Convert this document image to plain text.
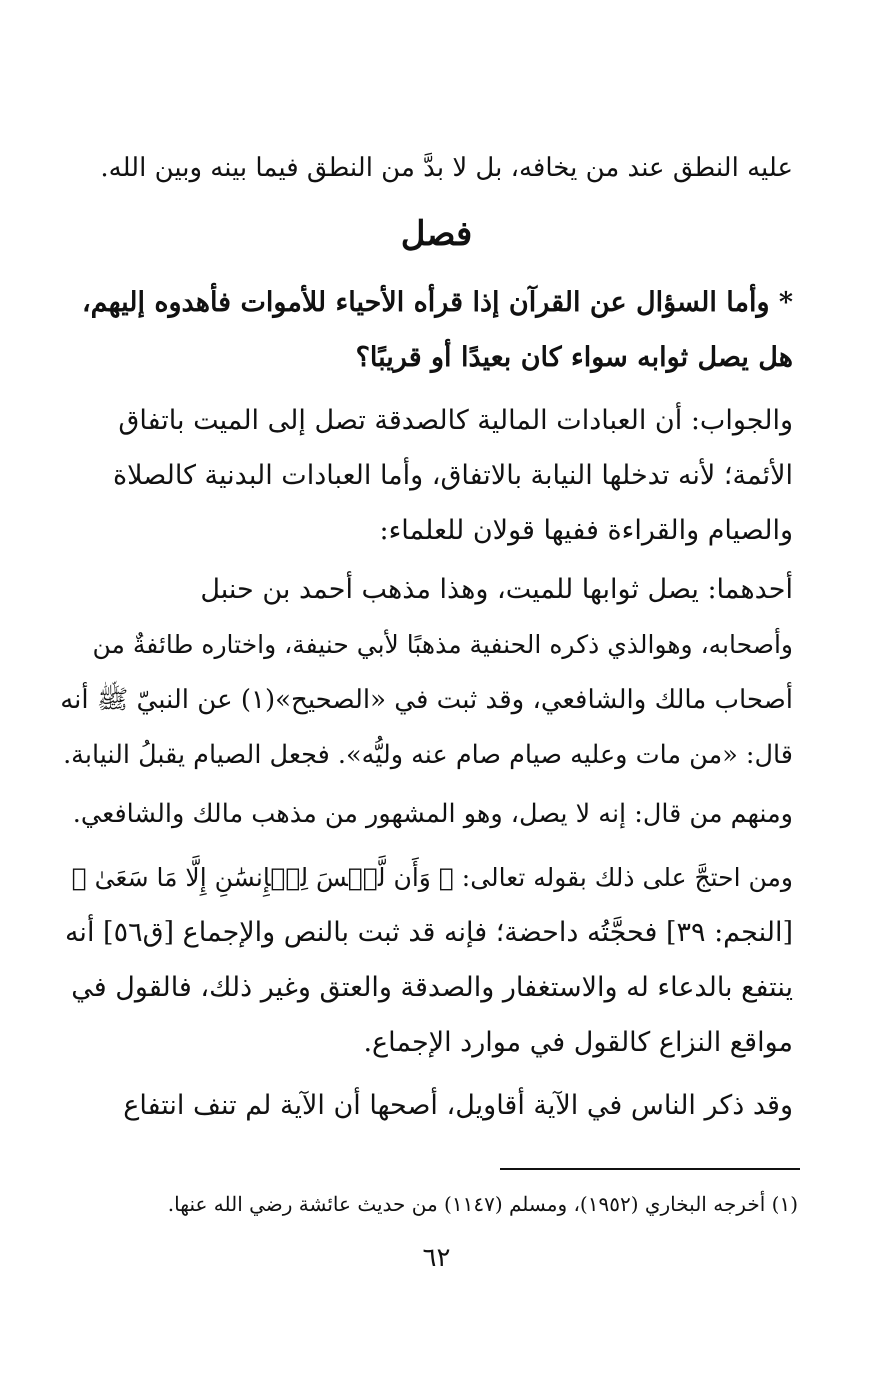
عليه النطق عند من يخافه، بل لا بدَّ من النطق فيما بينه وبين الله.
فصل
* وأما السؤال عن القرآن إذا قرأه الأحياء للأموات فأهدوه إليهم،
هل يصل ثوابه سواء كان بعيدًا أو قريبًا؟
والجواب: أن العبادات المالية كالصدقة تصل إلى الميت باتفاق
الأئمة؛ لأنه تدخلها النيابة بالاتفاق، وأما العبادات البدنية كالصلاة
والصيام والقراءة ففيها قولان للعلماء:
أحدهما: يصل ثوابها للميت، وهذا مذهب أحمد بن حنبل
وأصحابه، وهوالذي ذكره الحنفية مذهبًا لأبي حنيفة، واختاره طائفةٌ من
أصحاب مالك والشافعي، وقد ثبت في «الصحيح»(١) عن النبيّ ﷺ أنه
قال: «من مات وعليه صيام صام عنه وليُّه». فجعل الصيام يقبلُ النيابة.
ومنهم من قال: إنه لا يصل، وهو المشهور من مذهب مالك والشافعي.
ومن احتجَّ على ذلك بقوله تعالى: ﴿ وَأَن لَّيۡسَ لِلۡإِنسَٰنِ إِلَّا مَا سَعَىٰ ﴾
[النجم: ٣٩] فحجَّتُه داحضة؛ فإنه قد ثبت بالنص والإجماع [ق٥٦] أنه
ينتفع بالدعاء له والاستغفار والصدقة والعتق وغير ذلك، فالقول في
مواقع النزاع كالقول في موارد الإجماع.
وقد ذكر الناس في الآية أقاويل، أصحها أن الآية لم تنف انتفاع
(١) أخرجه البخاري (١٩٥٢)، ومسلم (١١٤٧) من حديث عائشة رضي الله عنها.
٦٢
